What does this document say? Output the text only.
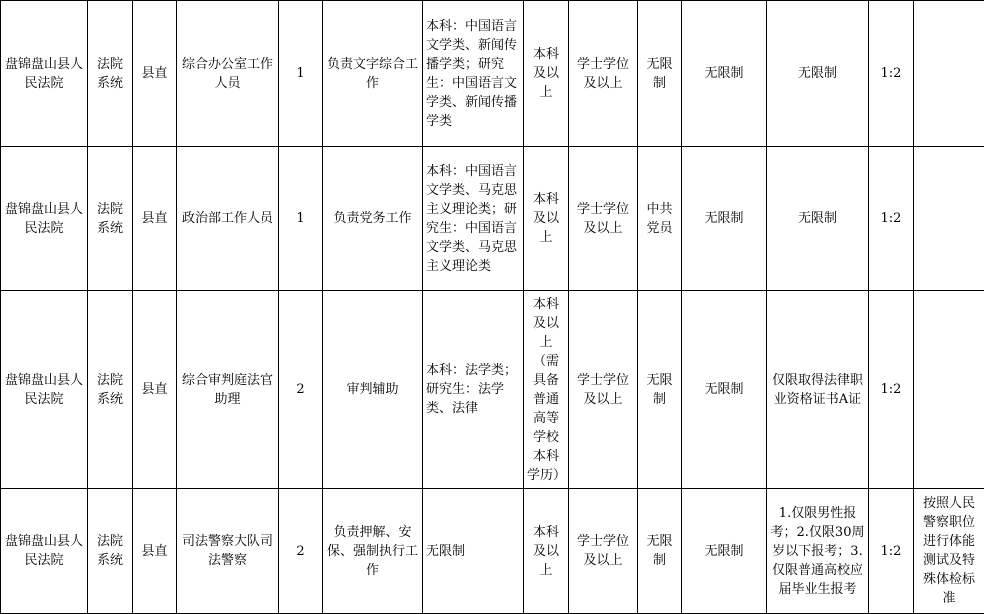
盘锦盘山县人民法院	法院系统	县直	综合办公室工作人员	1	负责文字综合工作	本科：中国语言文学类、新闻传播学类；研究生：中国语言文学类、新闻传播学类	本科及以上	学士学位及以上	无限制	无限制	无限制	1:2	
盘锦盘山县人民法院	法院系统	县直	政治部工作人员	1	负责党务工作	本科：中国语言文学类、马克思主义理论类；研究生：中国语言文学类、马克思主义理论类	本科及以上	学士学位及以上	中共党员	无限制	无限制	1:2	
盘锦盘山县人民法院	法院系统	县直	综合审判庭法官助理	2	审判辅助	本科：法学类；研究生：法学类、法律	本科及以上（需具备普通高等学校本科学历）	学士学位及以上	无限制	无限制	仅限取得法律职业资格证书A证	1:2	
盘锦盘山县人民法院	法院系统	县直	司法警察大队司法警察	2	负责押解、安保、强制执行工作	无限制	本科及以上	学士学位及以上	无限制	无限制	1.仅限男性报考；2.仅限30周岁以下报考；3.仅限普通高校应届毕业生报考	1:2	按照人民警察职位进行体能测试及特殊体检标准
